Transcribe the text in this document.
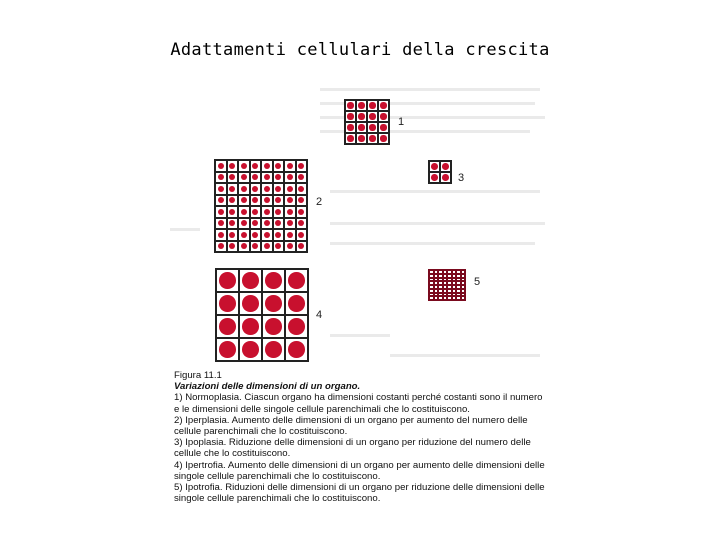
Adattamenti cellulari della crescita
1
2
3
4
5
Figura 11.1
Variazioni delle dimensioni di un organo.
1) Normoplasia. Ciascun organo ha dimensioni costanti perché costanti sono il numero e le dimensioni delle singole cellule parenchimali che lo costituiscono.
2) Iperplasia. Aumento delle dimensioni di un organo per aumento del numero delle cellule parenchimali che lo costituiscono.
3) Ipoplasia. Riduzione delle dimensioni di un organo per riduzione del numero delle cellule che lo costituiscono.
4) Ipertrofia. Aumento delle dimensioni di un organo per aumento delle dimensioni delle singole cellule parenchimali che lo costituiscono.
5) Ipotrofia. Riduzioni delle dimensioni di un organo per riduzione delle dimensioni delle singole cellule parenchimali che lo costituiscono.
